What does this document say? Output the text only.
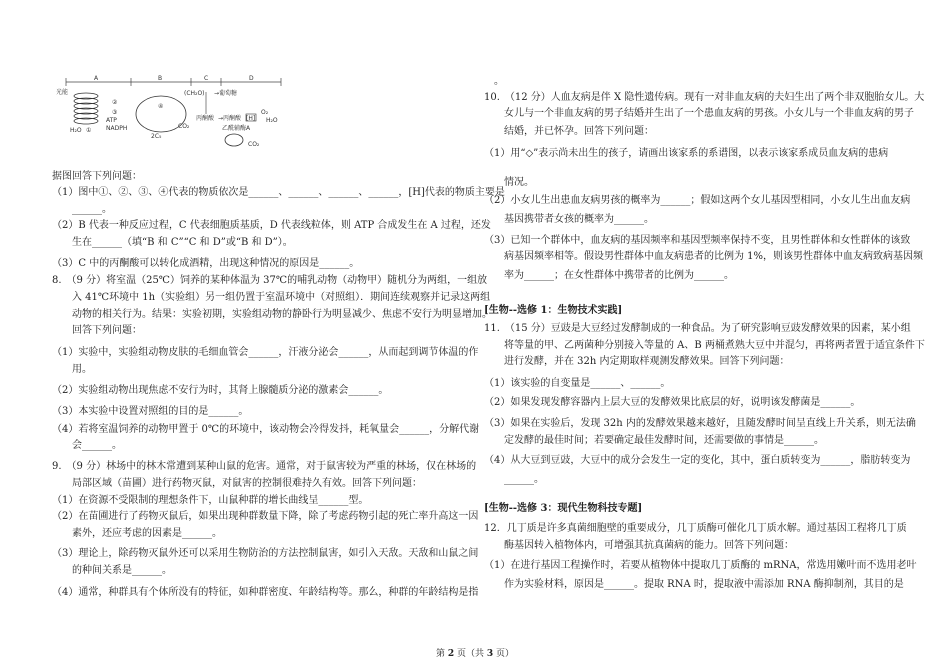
A	B	C	D
光能
H₂O ①
②
③
ATP
NADPH
④
2C₅
CO₂
(CH₂O) →葡萄糖
丙酮酸 →丙酮酸 [H]
O₂
H₂O
乙酰辅酶A
CO₂
据图回答下列问题：
（1）图中①、②、③、④代表的物质依次是______、______、______、______，[H]代表的物质主要是
______。
（2）B 代表一种反应过程，C 代表细胞质基质，D 代表线粒体，则 ATP 合成发生在 A 过程，还发
生在______（填“B 和 C”“C 和 D”或“B 和 D”）。
（3）C 中的丙酮酸可以转化成酒精，出现这种情况的原因是______。
8.　（9 分）将室温（25℃）饲养的某种体温为 37℃的哺乳动物（动物甲）随机分为两组，一组放
入 41℃环境中 1h（实验组）另一组仍置于室温环境中（对照组）．期间连续观察并记录这两组
动物的相关行为。结果：实验初期，实验组动物的静卧行为明显减少、焦虑不安行为明显增加。
回答下列问题：
（1）实验中，实验组动物皮肤的毛细血管会______，汗液分泌会______，从而起到调节体温的作
用。
（2）实验组动物出现焦虑不安行为时，其肾上腺髓质分泌的激素会______。
（3）本实验中设置对照组的目的是______。
（4）若将室温饲养的动物甲置于 0℃的环境中，该动物会冷得发抖，耗氧量会______，分解代谢
会______。
9.　（9 分）林场中的林木常遭到某种山鼠的危害。通常，对于鼠害较为严重的林场，仅在林场的
局部区域（苗圃）进行药物灭鼠，对鼠害的控制很难持久有效。回答下列问题：
（1）在资源不受限制的理想条件下，山鼠种群的增长曲线呈______型。
（2）在苗圃进行了药物灭鼠后，如果出现种群数量下降，除了考虑药物引起的死亡率升高这一因
素外，还应考虑的因素是______。
（3）理论上，除药物灭鼠外还可以采用生物防治的方法控制鼠害，如引入天敌。天敌和山鼠之间
的种间关系是______。
（4）通常，种群具有个体所没有的特征，如种群密度、年龄结构等。那么，种群的年龄结构是指
。
10.　（12 分）人血友病是伴 X 隐性遗传病。现有一对非血友病的夫妇生出了两个非双胞胎女儿。大
女儿与一个非血友病的男子结婚并生出了一个患血友病的男孩。小女儿与一个非血友病的男子
结婚，并已怀孕。回答下列问题：
（1）用“◇”表示尚未出生的孩子，请画出该家系的系谱图，以表示该家系成员血友病的患病
情况。
（2）小女儿生出患血友病男孩的概率为______；假如这两个女儿基因型相同，小女儿生出血友病
基因携带者女孩的概率为______。
（3）已知一个群体中，血友病的基因频率和基因型频率保持不变，且男性群体和女性群体的该致
病基因频率相等。假设男性群体中血友病患者的比例为 1%，则该男性群体中血友病致病基因频
率为______；在女性群体中携带者的比例为______。
[生物--选修 1：生物技术实践]
11.　（15 分）豆豉是大豆经过发酵制成的一种食品。为了研究影响豆豉发酵效果的因素，某小组
将等量的甲、乙两菌种分别接入等量的 A、B 两桶煮熟大豆中并混匀，再将两者置于适宜条件下
进行发酵，并在 32h 内定期取样观测发酵效果。回答下列问题：
（1）该实验的自变量是______、______。
（2）如果发现发酵容器内上层大豆的发酵效果比底层的好，说明该发酵菌是______。
（3）如果在实验后，发现 32h 内的发酵效果越来越好，且随发酵时间呈直线上升关系，则无法确
定发酵的最佳时间；若要确定最佳发酵时间，还需要做的事情是______。
（4）从大豆到豆豉，大豆中的成分会发生一定的变化，其中，蛋白质转变为______，脂肪转变为
______。
[生物--选修 3：现代生物科技专题]
12．几丁质是许多真菌细胞壁的重要成分，几丁质酶可催化几丁质水解。通过基因工程将几丁质
酶基因转入植物体内，可增强其抗真菌病的能力。回答下列问题：
（1）在进行基因工程操作时，若要从植物体中提取几丁质酶的 mRNA，常选用嫩叶而不选用老叶
作为实验材料，原因是______。提取 RNA 时，提取液中需添加 RNA 酶抑制剂，其目的是
第 2 页（共 3 页）
